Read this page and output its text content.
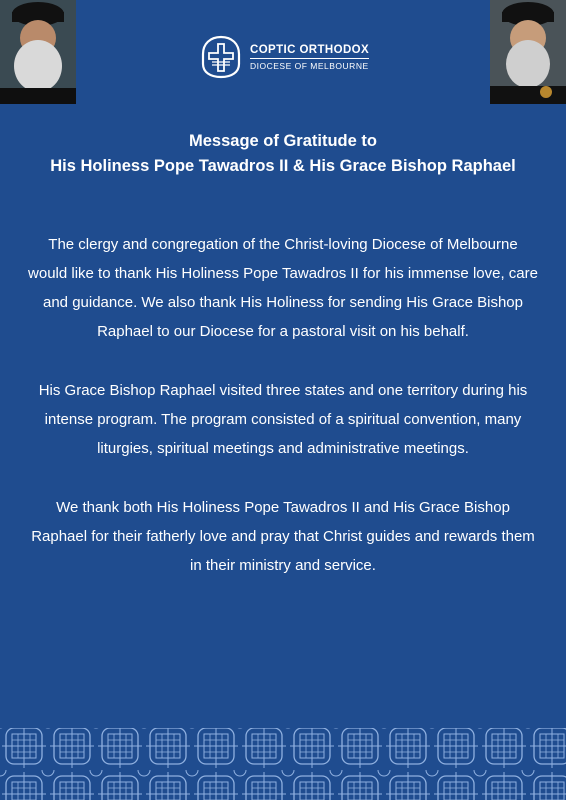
COPTIC ORTHODOX
DIOCESE OF MELBOURNE
Message of Gratitude to
His Holiness Pope Tawadros II & His Grace Bishop Raphael

The clergy and congregation of the Christ-loving Diocese of Melbourne would like to thank His Holiness Pope Tawadros II for his immense love, care and guidance. We also thank His Holiness for sending His Grace Bishop Raphael to our Diocese for a pastoral visit on his behalf.

His Grace Bishop Raphael visited three states and one territory during his intense program. The program consisted of a spiritual convention, many liturgies, spiritual meetings and administrative meetings.

We thank both His Holiness Pope Tawadros II and His Grace Bishop Raphael for their fatherly love and pray that Christ guides and rewards them in their ministry and service.
